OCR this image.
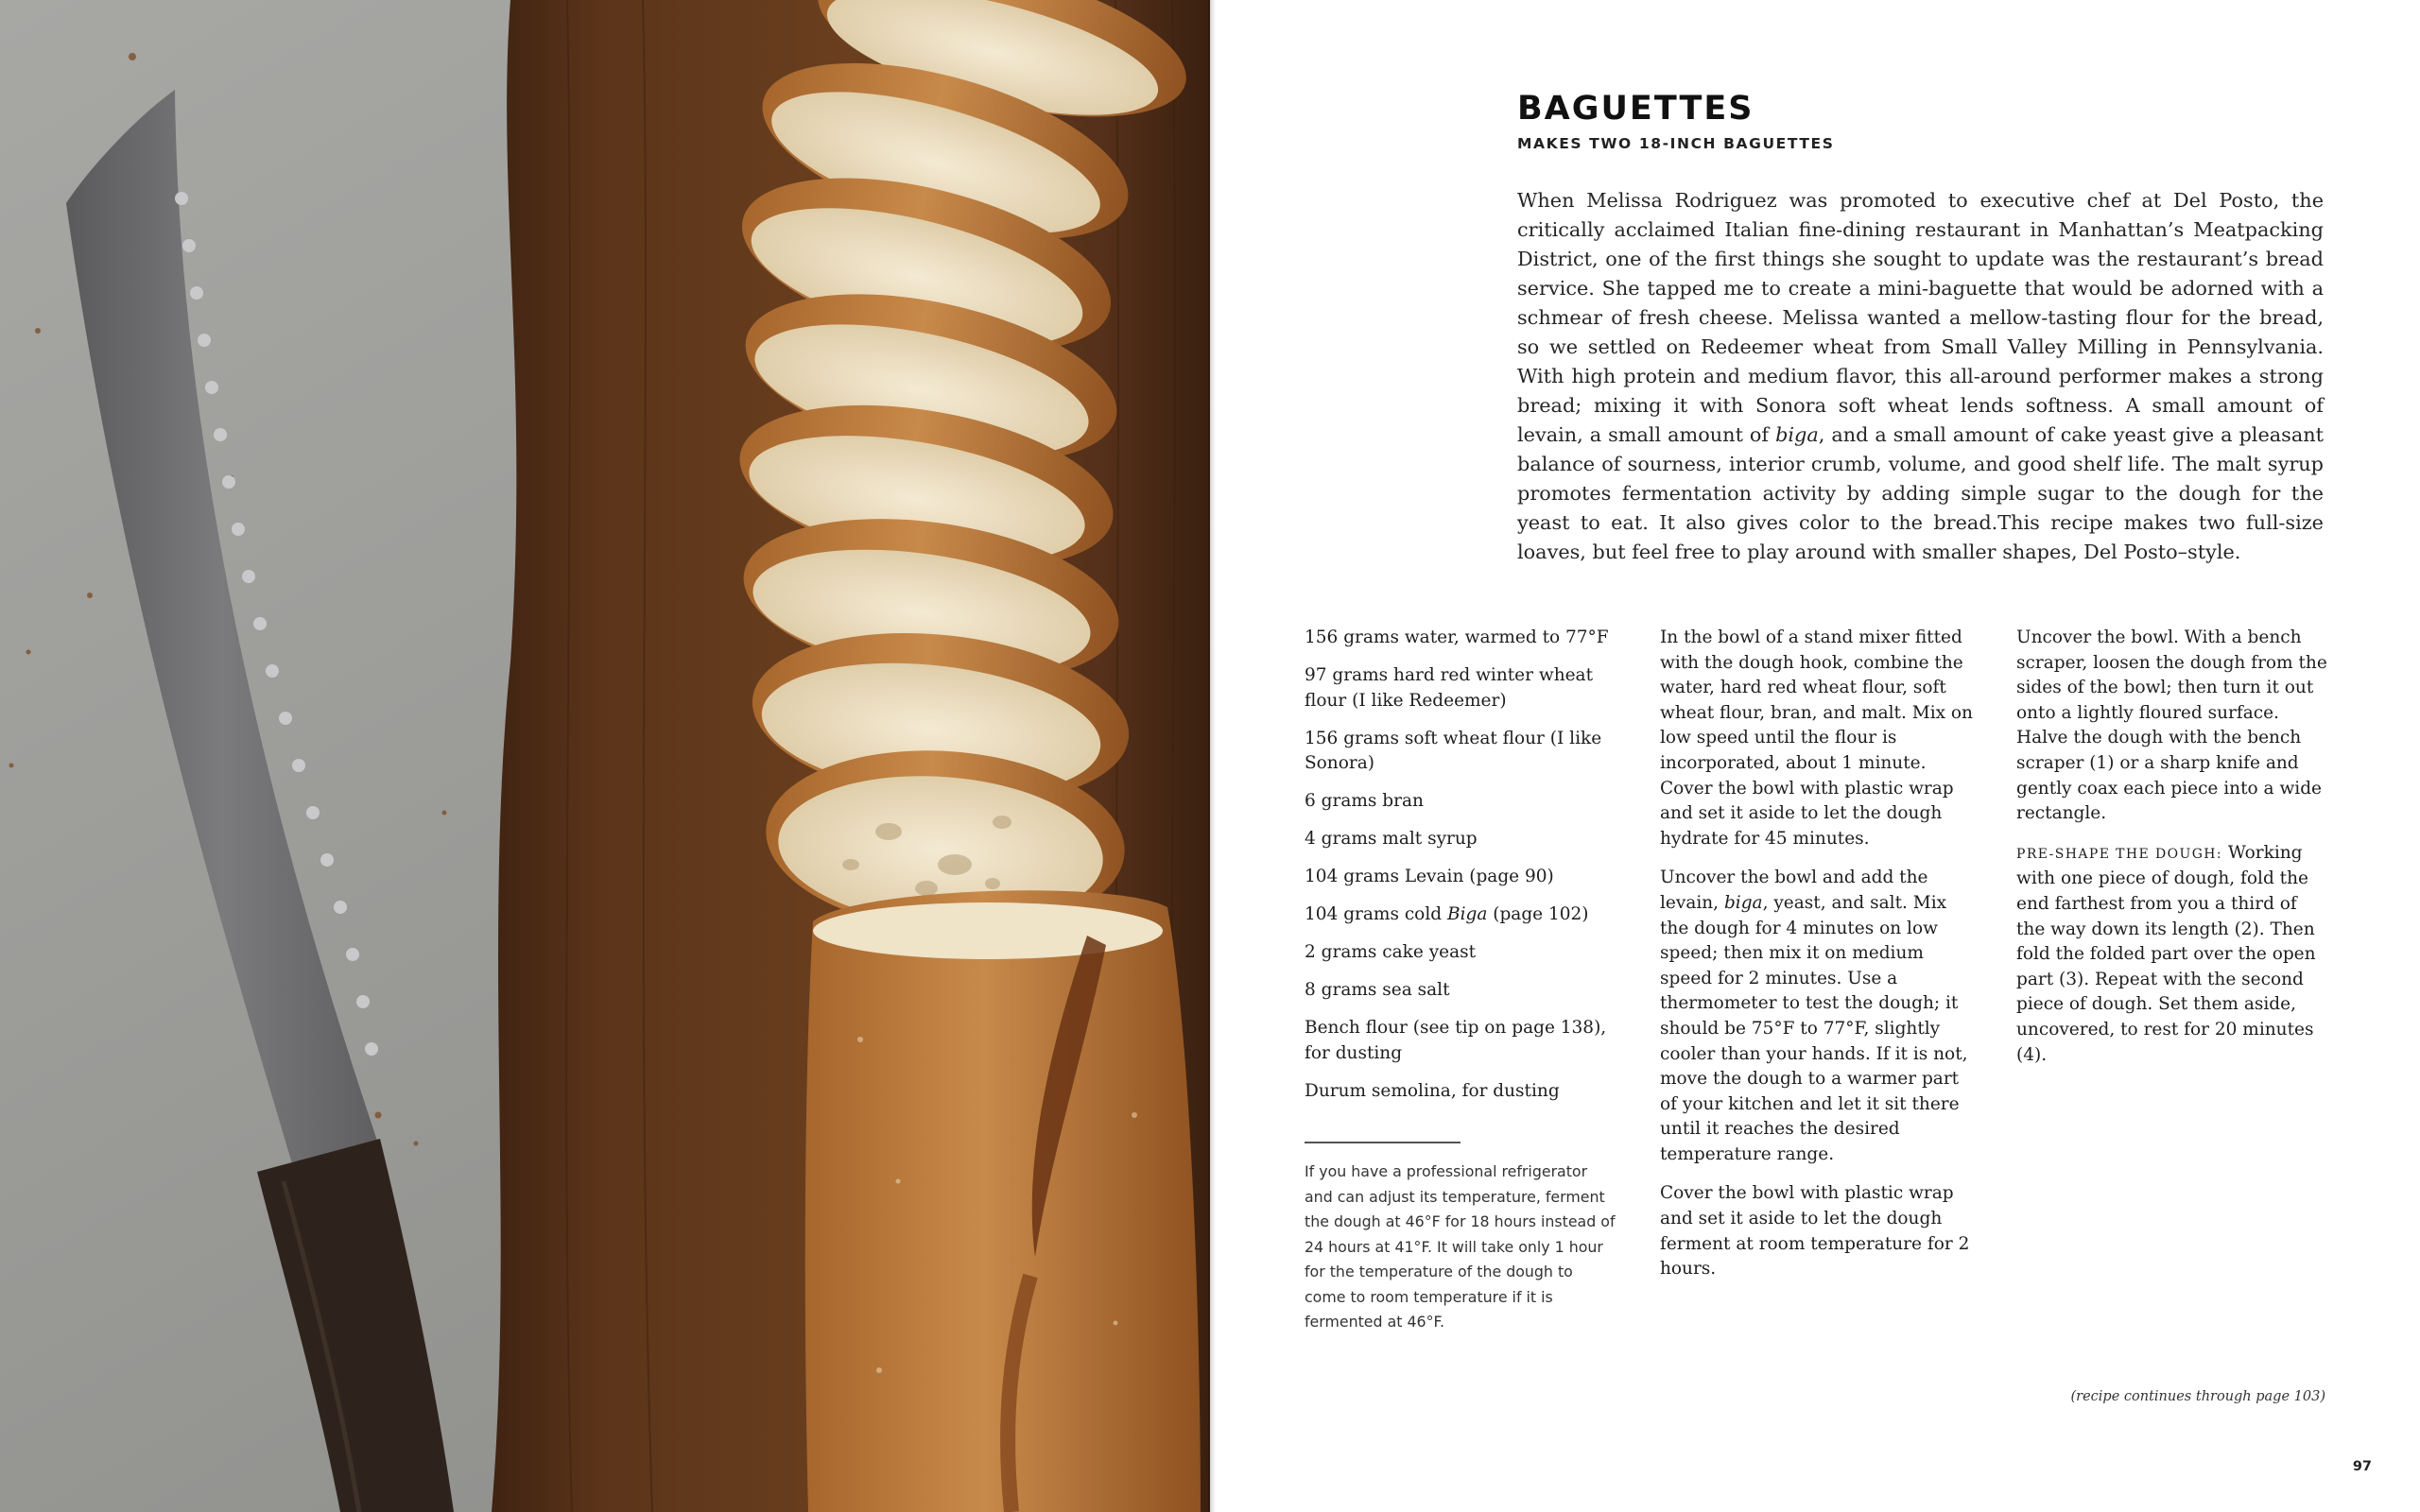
BAGUETTES

MAKES TWO 18-INCH BAGUETTES

When Melissa Rodriguez was promoted to executive chef at Del Posto, the critically acclaimed Italian fine-dining restaurant in Manhattan’s Meatpacking District, one of the first things she sought to update was the restaurant’s bread service. She tapped me to create a mini-baguette that would be adorned with a schmear of fresh cheese. Melissa wanted a mellow-tasting flour for the bread, so we settled on Redeemer wheat from Small Valley Milling in Pennsylvania. With high protein and medium flavor, this all-around performer makes a strong bread; mixing it with Sonora soft wheat lends softness. A small amount of levain, a small amount of biga, and a small amount of cake yeast give a pleasant balance of sourness, interior crumb, volume, and good shelf life. The malt syrup promotes fermentation activity by adding simple sugar to the dough for the yeast to eat. It also gives color to the bread.This recipe makes two full-size loaves, but feel free to play around with smaller shapes, Del Posto–style.

156 grams water, warmed to 77°F
97 grams hard red winter wheat flour (I like Redeemer)
156 grams soft wheat flour (I like Sonora)
6 grams bran
4 grams malt syrup
104 grams Levain (page 90)
104 grams cold Biga (page 102)
2 grams cake yeast
8 grams sea salt
Bench flour (see tip on page 138), for dusting
Durum semolina, for dusting

If you have a professional refrigerator and can adjust its temperature, ferment the dough at 46°F for 18 hours instead of 24 hours at 41°F. It will take only 1 hour for the temperature of the dough to come to room temperature if it is fermented at 46°F.

In the bowl of a stand mixer fitted with the dough hook, combine the water, hard red wheat flour, soft wheat flour, bran, and malt. Mix on low speed until the flour is incorporated, about 1 minute. Cover the bowl with plastic wrap and set it aside to let the dough hydrate for 45 minutes.

Uncover the bowl and add the levain, biga, yeast, and salt. Mix the dough for 4 minutes on low speed; then mix it on medium speed for 2 minutes. Use a thermometer to test the dough; it should be 75°F to 77°F, slightly cooler than your hands. If it is not, move the dough to a warmer part of your kitchen and let it sit there until it reaches the desired temperature range.

Cover the bowl with plastic wrap and set it aside to let the dough ferment at room temperature for 2 hours.

Uncover the bowl. With a bench scraper, loosen the dough from the sides of the bowl; then turn it out onto a lightly floured surface. Halve the dough with the bench scraper (1) or a sharp knife and gently coax each piece into a wide rectangle.

PRE-SHAPE THE DOUGH: Working with one piece of dough, fold the end farthest from you a third of the way down its length (2). Then fold the folded part over the open part (3). Repeat with the second piece of dough. Set them aside, uncovered, to rest for 20 minutes (4).

(recipe continues through page 103)

97
